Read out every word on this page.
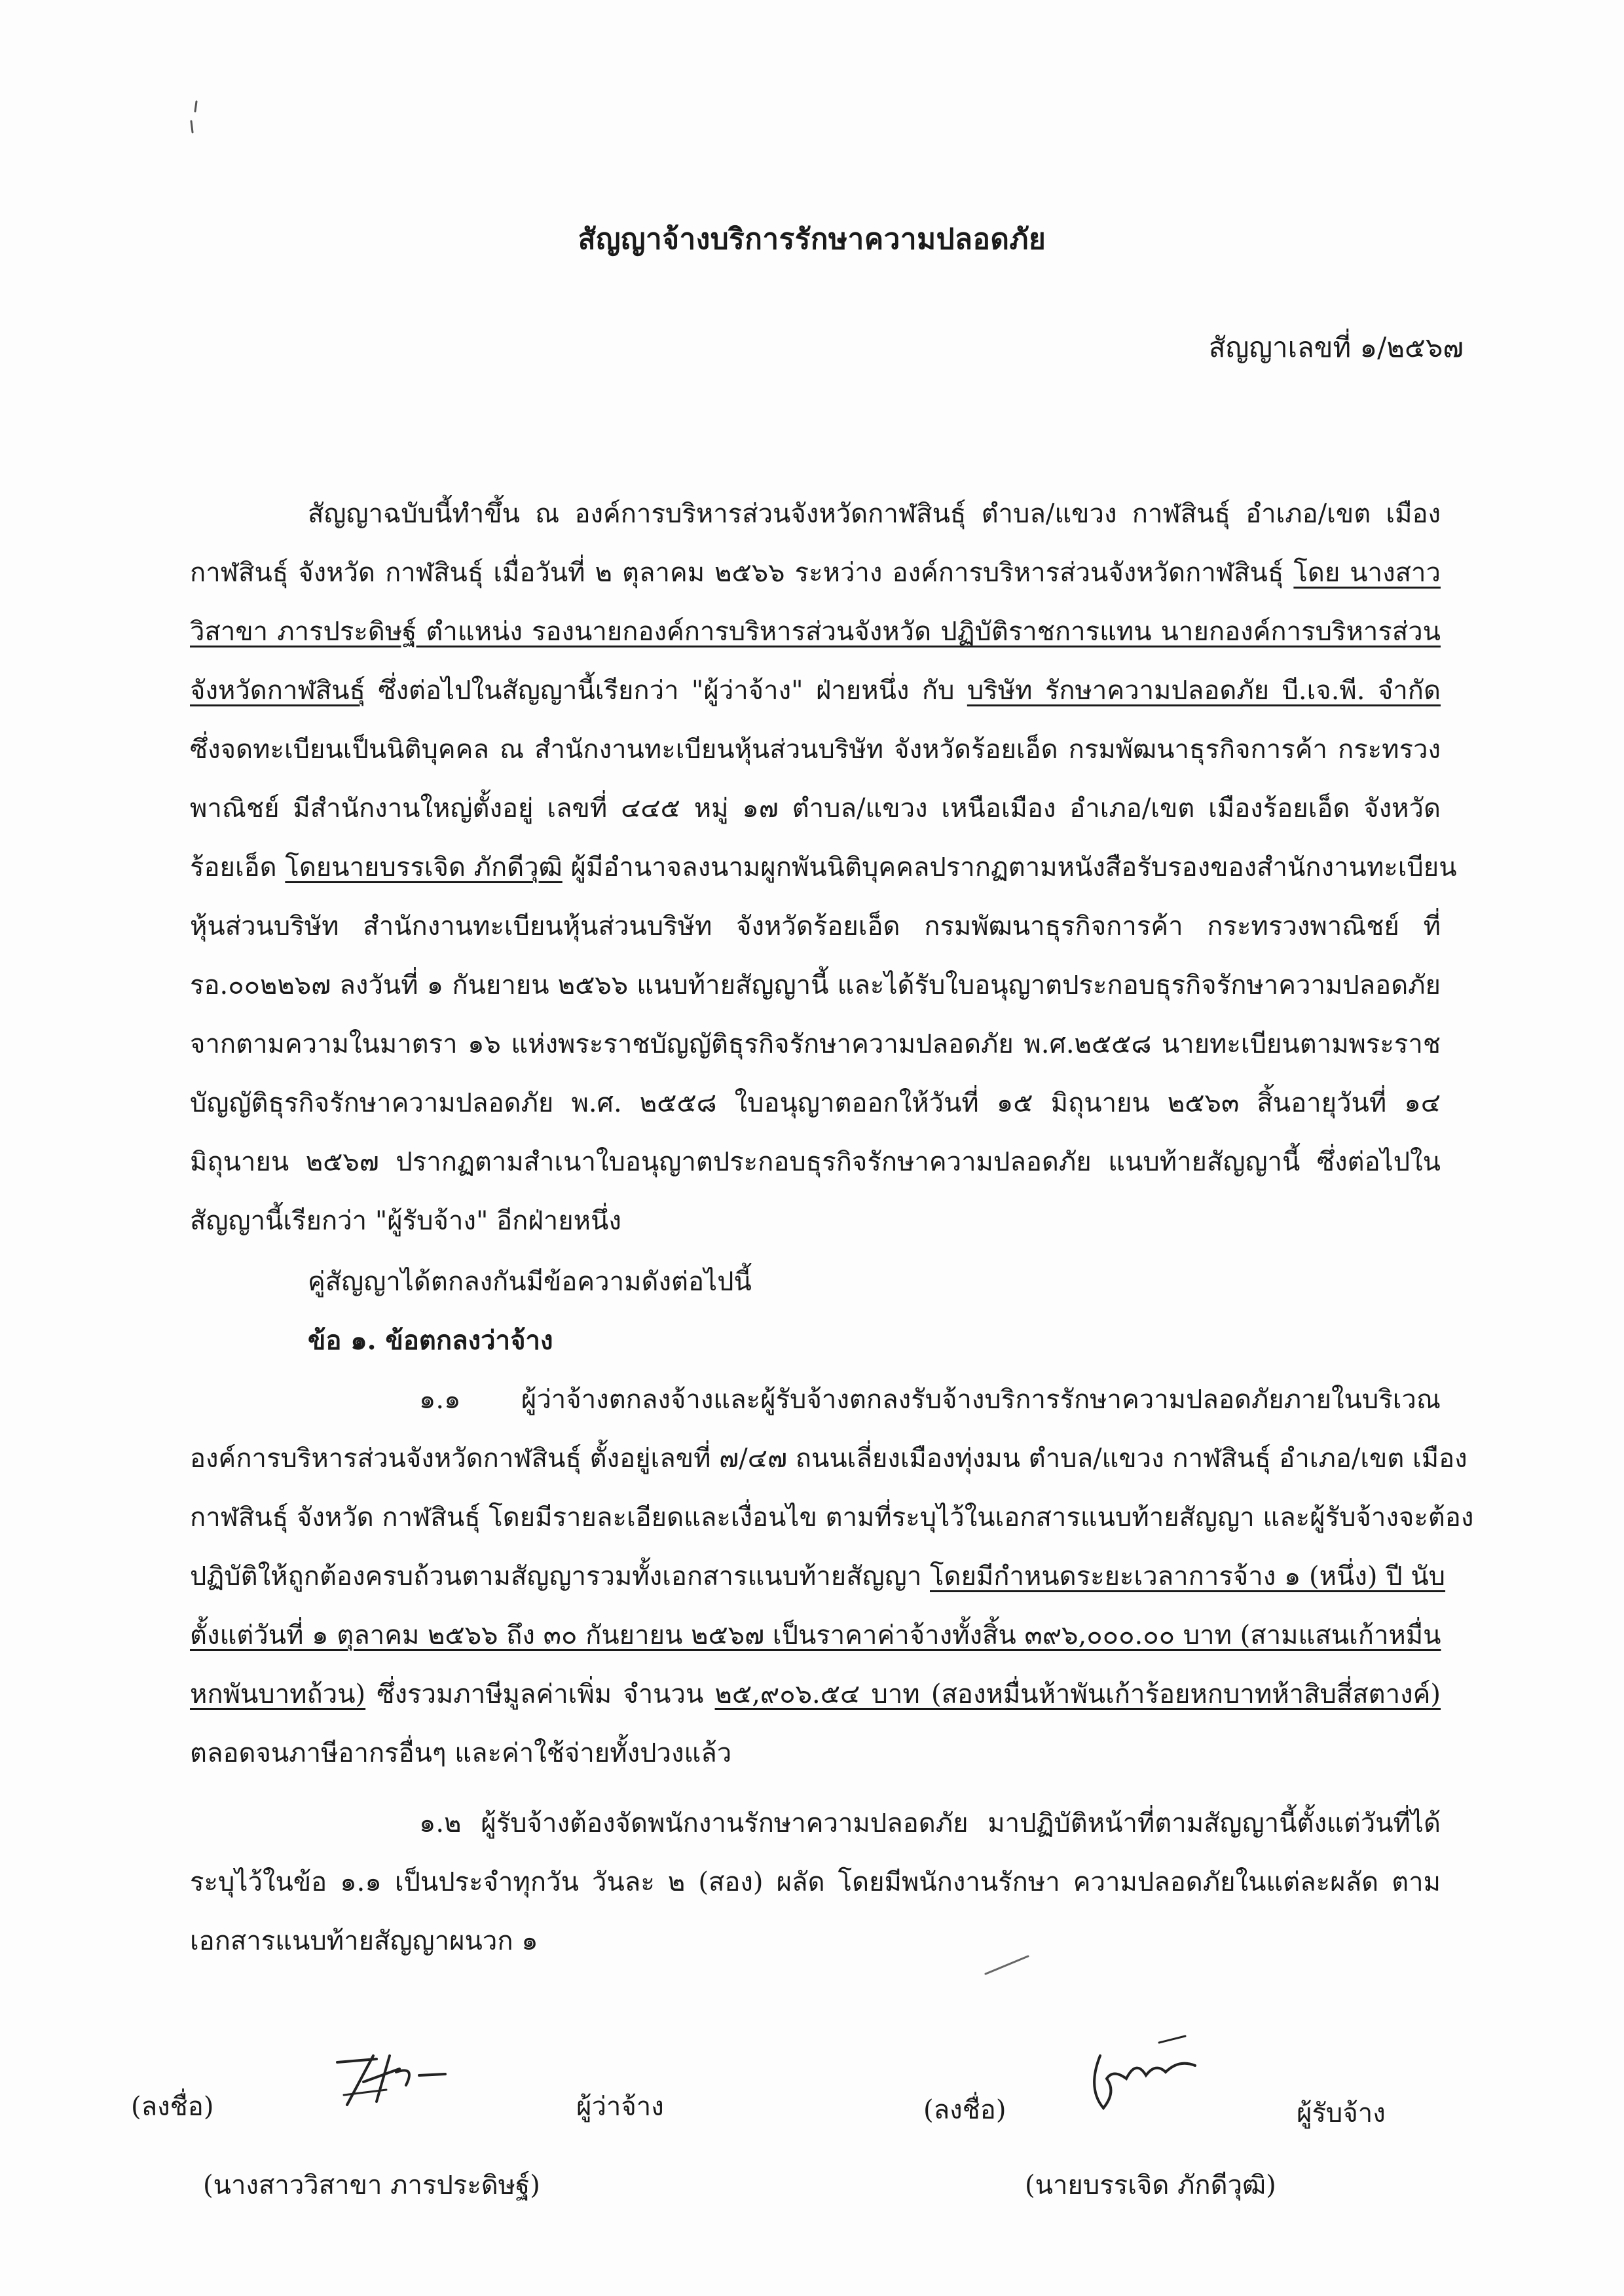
สัญญาจ้างบริการรักษาความปลอดภัย
สัญญาเลขที่ ๑/๒๕๖๗
สัญญาฉบับนี้ทำขึ้น ณ องค์การบริหารส่วนจังหวัดกาฬสินธุ์ ตำบล/แขวง กาฬสินธุ์ อำเภอ/เขต เมือง
กาฬสินธุ์ จังหวัด กาฬสินธุ์ เมื่อวันที่ ๒ ตุลาคม ๒๕๖๖ ระหว่าง องค์การบริหารส่วนจังหวัดกาฬสินธุ์ โดย นางสาว
วิสาขา ภารประดิษฐ์ ตำแหน่ง รองนายกองค์การบริหารส่วนจังหวัด ปฏิบัติราชการแทน นายกองค์การบริหารส่วน
จังหวัดกาฬสินธุ์ ซึ่งต่อไปในสัญญานี้เรียกว่า "ผู้ว่าจ้าง" ฝ่ายหนึ่ง กับ บริษัท รักษาความปลอดภัย บี.เจ.พี. จำกัด
ซึ่งจดทะเบียนเป็นนิติบุคคล ณ สำนักงานทะเบียนหุ้นส่วนบริษัท จังหวัดร้อยเอ็ด กรมพัฒนาธุรกิจการค้า กระทรวง
พาณิชย์ มีสำนักงานใหญ่ตั้งอยู่ เลขที่ ๔๔๕ หมู่ ๑๗ ตำบล/แขวง เหนือเมือง อำเภอ/เขต เมืองร้อยเอ็ด จังหวัด
ร้อยเอ็ด โดยนายบรรเจิด ภักดีวุฒิ ผู้มีอำนาจลงนามผูกพันนิติบุคคลปรากฏตามหนังสือรับรองของสำนักงานทะเบียน
หุ้นส่วนบริษัท สำนักงานทะเบียนหุ้นส่วนบริษัท จังหวัดร้อยเอ็ด กรมพัฒนาธุรกิจการค้า กระทรวงพาณิชย์ ที่
รอ.๐๐๒๒๖๗ ลงวันที่ ๑ กันยายน ๒๕๖๖ แนบท้ายสัญญานี้ และได้รับใบอนุญาตประกอบธุรกิจรักษาความปลอดภัย
จากตามความในมาตรา ๑๖ แห่งพระราชบัญญัติธุรกิจรักษาความปลอดภัย พ.ศ.๒๕๕๘ นายทะเบียนตามพระราช
บัญญัติธุรกิจรักษาความปลอดภัย พ.ศ. ๒๕๕๘ ใบอนุญาตออกให้วันที่ ๑๕ มิถุนายน ๒๕๖๓ สิ้นอายุวันที่ ๑๔
มิถุนายน ๒๕๖๗ ปรากฏตามสำเนาใบอนุญาตประกอบธุรกิจรักษาความปลอดภัย แนบท้ายสัญญานี้ ซึ่งต่อไปใน
สัญญานี้เรียกว่า "ผู้รับจ้าง" อีกฝ่ายหนึ่ง
คู่สัญญาได้ตกลงกันมีข้อความดังต่อไปนี้
ข้อ ๑. ข้อตกลงว่าจ้าง
๑.๑ ผู้ว่าจ้างตกลงจ้างและผู้รับจ้างตกลงรับจ้างบริการรักษาความปลอดภัยภายในบริเวณ
องค์การบริหารส่วนจังหวัดกาฬสินธุ์ ตั้งอยู่เลขที่ ๗/๔๗ ถนนเลี่ยงเมืองทุ่งมน ตำบล/แขวง กาฬสินธุ์ อำเภอ/เขต เมือง
กาฬสินธุ์ จังหวัด กาฬสินธุ์ โดยมีรายละเอียดและเงื่อนไข ตามที่ระบุไว้ในเอกสารแนบท้ายสัญญา และผู้รับจ้างจะต้อง
ปฏิบัติให้ถูกต้องครบถ้วนตามสัญญารวมทั้งเอกสารแนบท้ายสัญญา โดยมีกำหนดระยะเวลาการจ้าง ๑ (หนึ่ง) ปี นับ
ตั้งแต่วันที่ ๑ ตุลาคม ๒๕๖๖ ถึง ๓๐ กันยายน ๒๕๖๗ เป็นราคาค่าจ้างทั้งสิ้น ๓๙๖,๐๐๐.๐๐ บาท (สามแสนเก้าหมื่น
หกพันบาทถ้วน) ซึ่งรวมภาษีมูลค่าเพิ่ม จำนวน ๒๕,๙๐๖.๕๔ บาท (สองหมื่นห้าพันเก้าร้อยหกบาทห้าสิบสี่สตางค์)
ตลอดจนภาษีอากรอื่นๆ และค่าใช้จ่ายทั้งปวงแล้ว
๑.๒ ผู้รับจ้างต้องจัดพนักงานรักษาความปลอดภัย มาปฏิบัติหน้าที่ตามสัญญานี้ตั้งแต่วันที่ได้
ระบุไว้ในข้อ ๑.๑ เป็นประจำทุกวัน วันละ ๒ (สอง) ผลัด โดยมีพนักงานรักษา ความปลอดภัยในแต่ละผลัด ตาม
เอกสารแนบท้ายสัญญาผนวก ๑
(ลงชื่อ)	ผู้ว่าจ้าง
(นางสาววิสาขา ภารประดิษฐ์)
(ลงชื่อ)	ผู้รับจ้าง
(นายบรรเจิด ภักดีวุฒิ)
